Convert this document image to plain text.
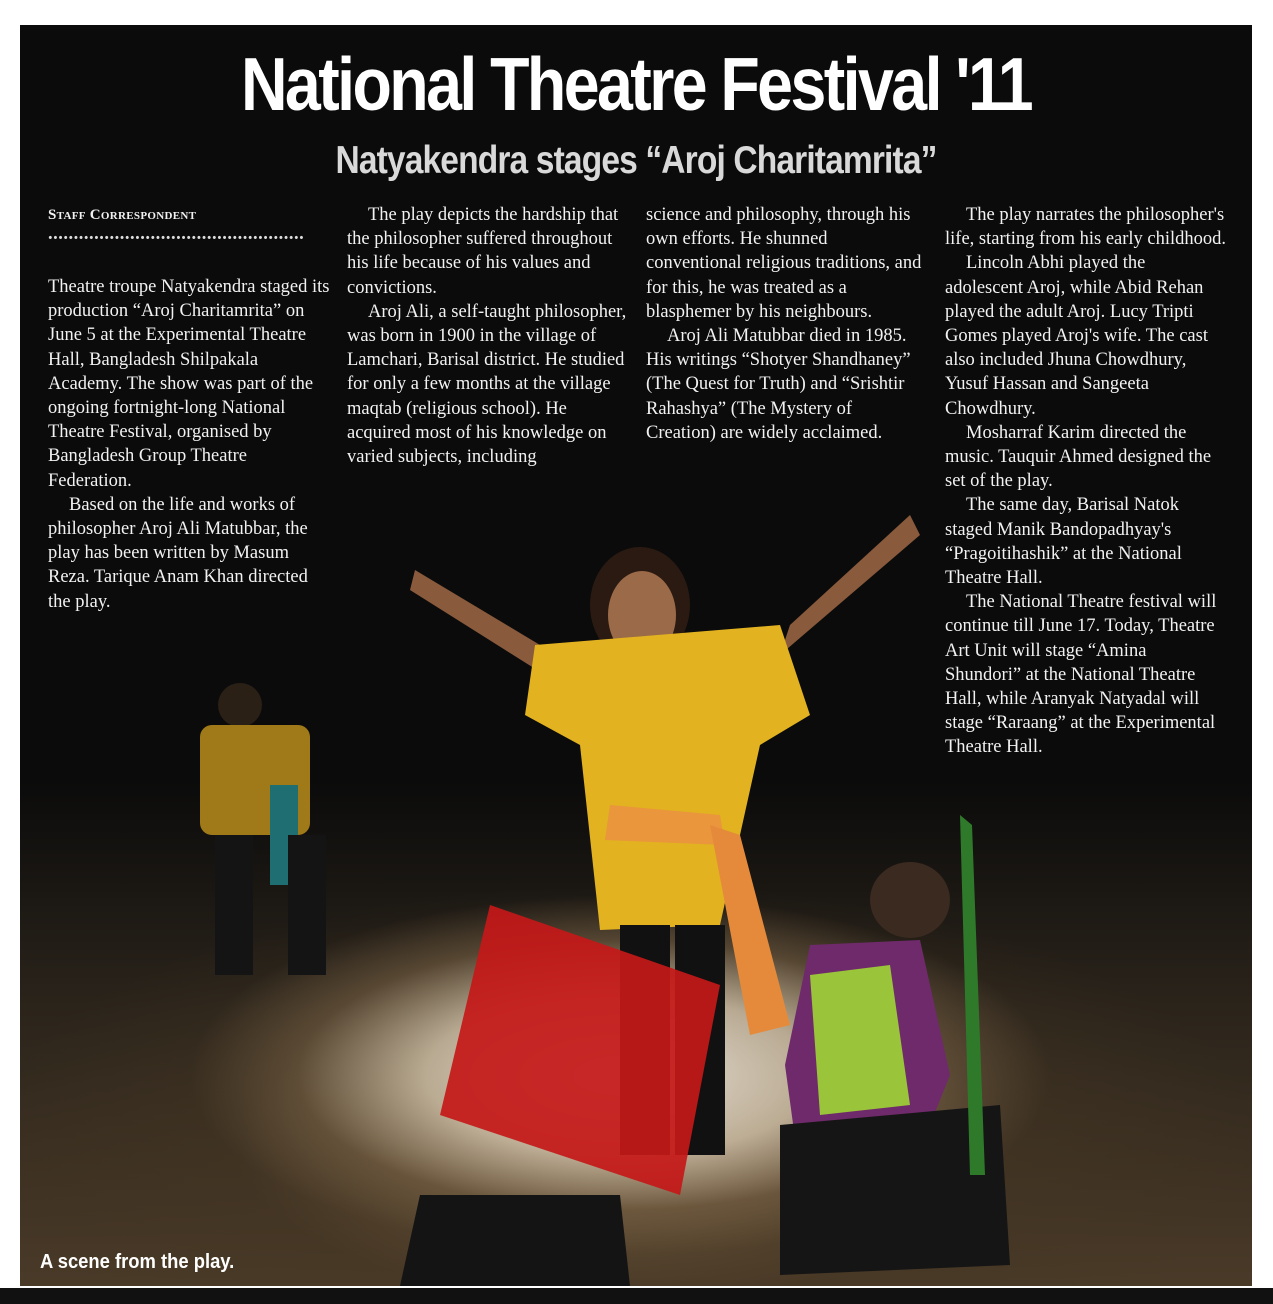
National Theatre Festival '11
Natyakendra stages “Aroj Charitamrita”
Staff Correspondent
..................................................

Theatre troupe Natyakendra staged its production “Aroj Charitamrita” on June 5 at the Experimental Theatre Hall, Bangladesh Shilpakala Academy. The show was part of the ongoing fortnight-long National Theatre Festival, organised by Bangladesh Group Theatre Federation.

Based on the life and works of philosopher Aroj Ali Matubbar, the play has been written by Masum Reza. Tarique Anam Khan directed the play.

The play depicts the hardship that the philosopher suffered throughout his life because of his values and convictions.

Aroj Ali, a self-taught philosopher, was born in 1900 in the village of Lamchari, Barisal district. He studied for only a few months at the village maqtab (religious school). He acquired most of his knowledge on varied subjects, including

science and philosophy, through his own efforts. He shunned conventional religious traditions, and for this, he was treated as a blasphemer by his neighbours.

Aroj Ali Matubbar died in 1985. His writings “Shotyer Shandhaney” (The Quest for Truth) and “Srishtir Rahashya” (The Mystery of Creation) are widely acclaimed.

The play narrates the philosopher's life, starting from his early childhood.

Lincoln Abhi played the adolescent Aroj, while Abid Rehan played the adult Aroj. Lucy Tripti Gomes played Aroj's wife. The cast also included Jhuna Chowdhury, Yusuf Hassan and Sangeeta Chowdhury.

Mosharraf Karim directed the music. Tauquir Ahmed designed the set of the play.

The same day, Barisal Natok staged Manik Bandopadhyay's “Pragoitihashik” at the National Theatre Hall.

The National Theatre festival will continue till June 17. Today, Theatre Art Unit will stage “Amina Shundori” at the National Theatre Hall, while Aranyak Natyadal will stage “Raraang” at the Experimental Theatre Hall.

A scene from the play.
